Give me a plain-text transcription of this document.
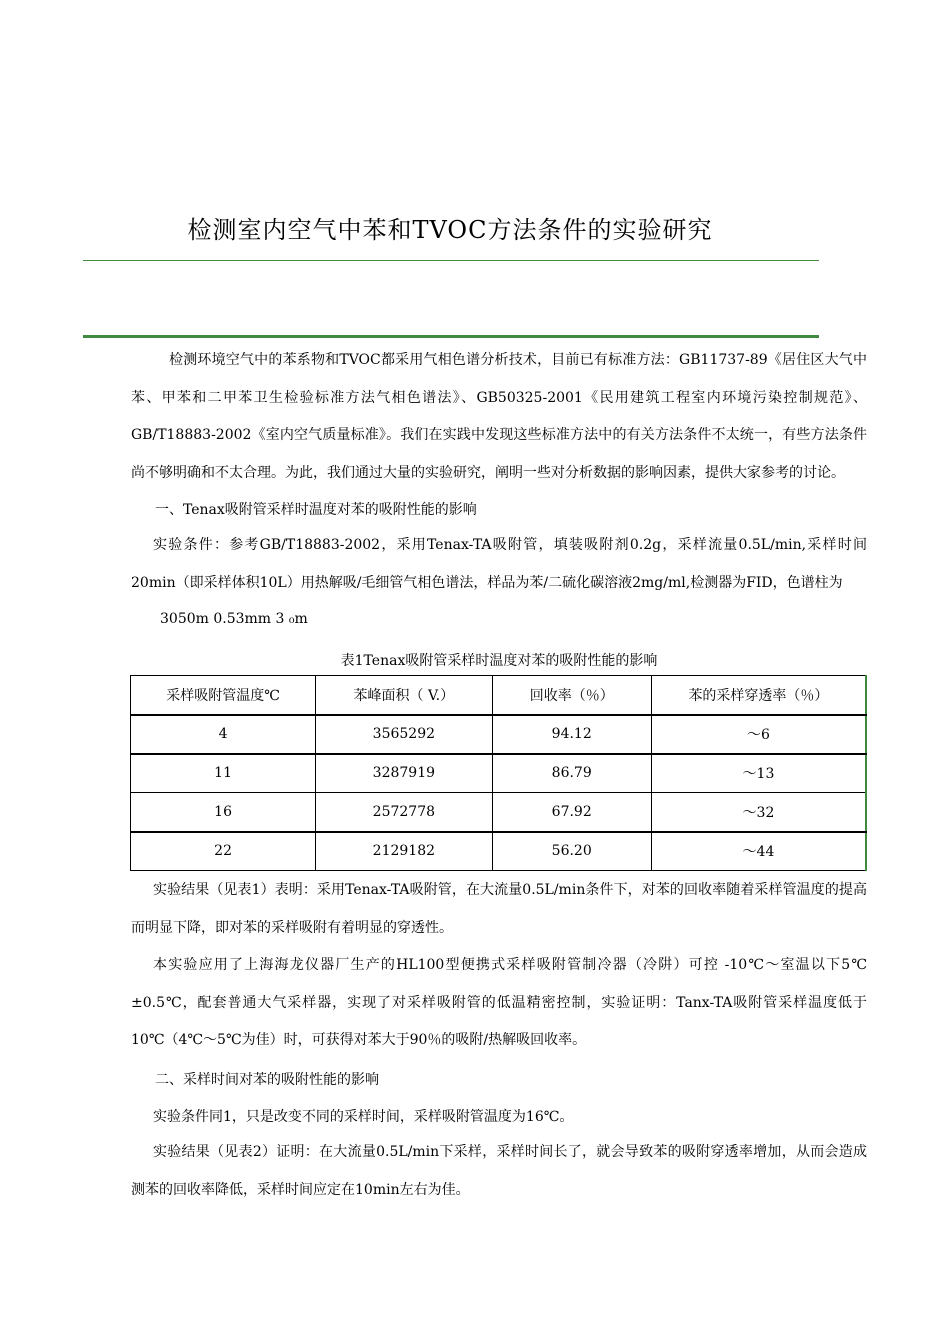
检测室内空气中苯和TVOC方法条件的实验研究

检测环境空气中的苯系物和TVOC都采用气相色谱分析技术，目前已有标准方法：GB11737-89《居住区大气中苯、甲苯和二甲苯卫生检验标准方法气相色谱法》、GB50325-2001《民用建筑工程室内环境污染控制规范》、GB/T18883-2002《室内空气质量标准》。我们在实践中发现这些标准方法中的有关方法条件不太统一，有些方法条件尚不够明确和不太合理。为此，我们通过大量的实验研究，阐明一些对分析数据的影响因素，提供大家参考的讨论。

一、Tenax吸附管采样时温度对苯的吸附性能的影响

实验条件：参考GB/T18883-2002，采用Tenax-TA吸附管，填装吸附剂0.2g，采样流量0.5L/min,采样时间20min（即采样体积10L）用热解吸/毛细管气相色谱法，样品为苯/二硫化碳溶液2mg/ml,检测器为FID，色谱柱为

3050m 0.53mm 3 ₀m
表1Tenax吸附管采样时温度对苯的吸附性能的影响
采样吸附管温度℃	苯峰面积（ V.）	回收率（％）	苯的采样穿透率（％）
4	3565292	94.12	～6
11	3287919	86.79	～13
16	2572778	67.92	～32
22	2129182	56.20	～44

实验结果（见表1）表明：采用Tenax-TA吸附管，在大流量0.5L/min条件下，对苯的回收率随着采样管温度的提高而明显下降，即对苯的采样吸附有着明显的穿透性。

本实验应用了上海海龙仪器厂生产的HL100型便携式采样吸附管制冷器（冷阱）可控 -10℃～室温以下5℃±0.5℃，配套普通大气采样器，实现了对采样吸附管的低温精密控制，实验证明：Tanx-TA吸附管采样温度低于10℃（4℃～5℃为佳）时，可获得对苯大于90％的吸附/热解吸回收率。

二、采样时间对苯的吸附性能的影响
实验条件同1，只是改变不同的采样时间，采样吸附管温度为16℃。

实验结果（见表2）证明：在大流量0.5L/min下采样，采样时间长了，就会导致苯的吸附穿透率增加，从而会造成测苯的回收率降低，采样时间应定在10min左右为佳。
